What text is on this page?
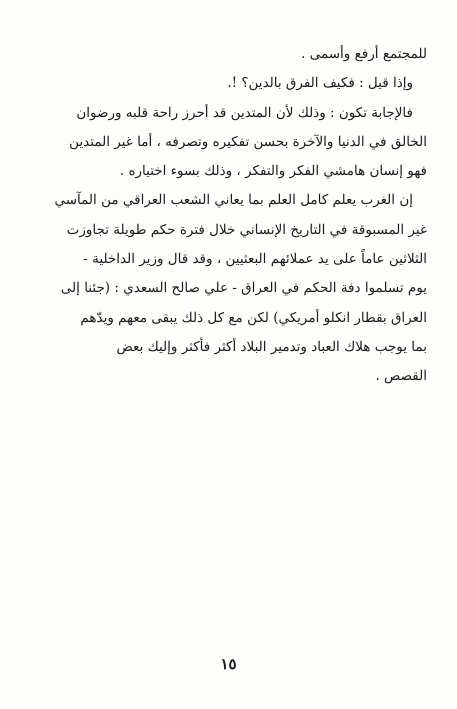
للمجتمع أرفع وأسمى .
وإذا قيل : فكيف الفرق بالدين؟ !.
فالإجابة تكون : وذلك لأن المتدين قد أحرز راحة قلبه ورضوان
الخالق في الدنيا والآخرة بحسن تفكيره وتصرفه ، أما غير المتدين
فهو إنسان هامشي الفكر والتفكر ، وذلك بسوء اختياره .
إن الغرب يعلم كامل العلم بما يعاني الشعب العراقي من المآسي
غير المسبوقة في التاريخ الإنساني خلال فترة حكم طويلة تجاوزت
الثلاثين عاماً على يد عملائهم البعثيين ، وقد قال وزير الداخلية -
يوم تسلموا دفة الحكم في العراق - علي صالح السعدي : (جئنا إلى
العراق بقطار انكلو أمريكي) لكن مع كل ذلك يبقى معهم ويدّهم
بما يوجب هلاك العباد وتدمير البلاد أكثر فأكثر وإليك بعض
القصص .
١٥
